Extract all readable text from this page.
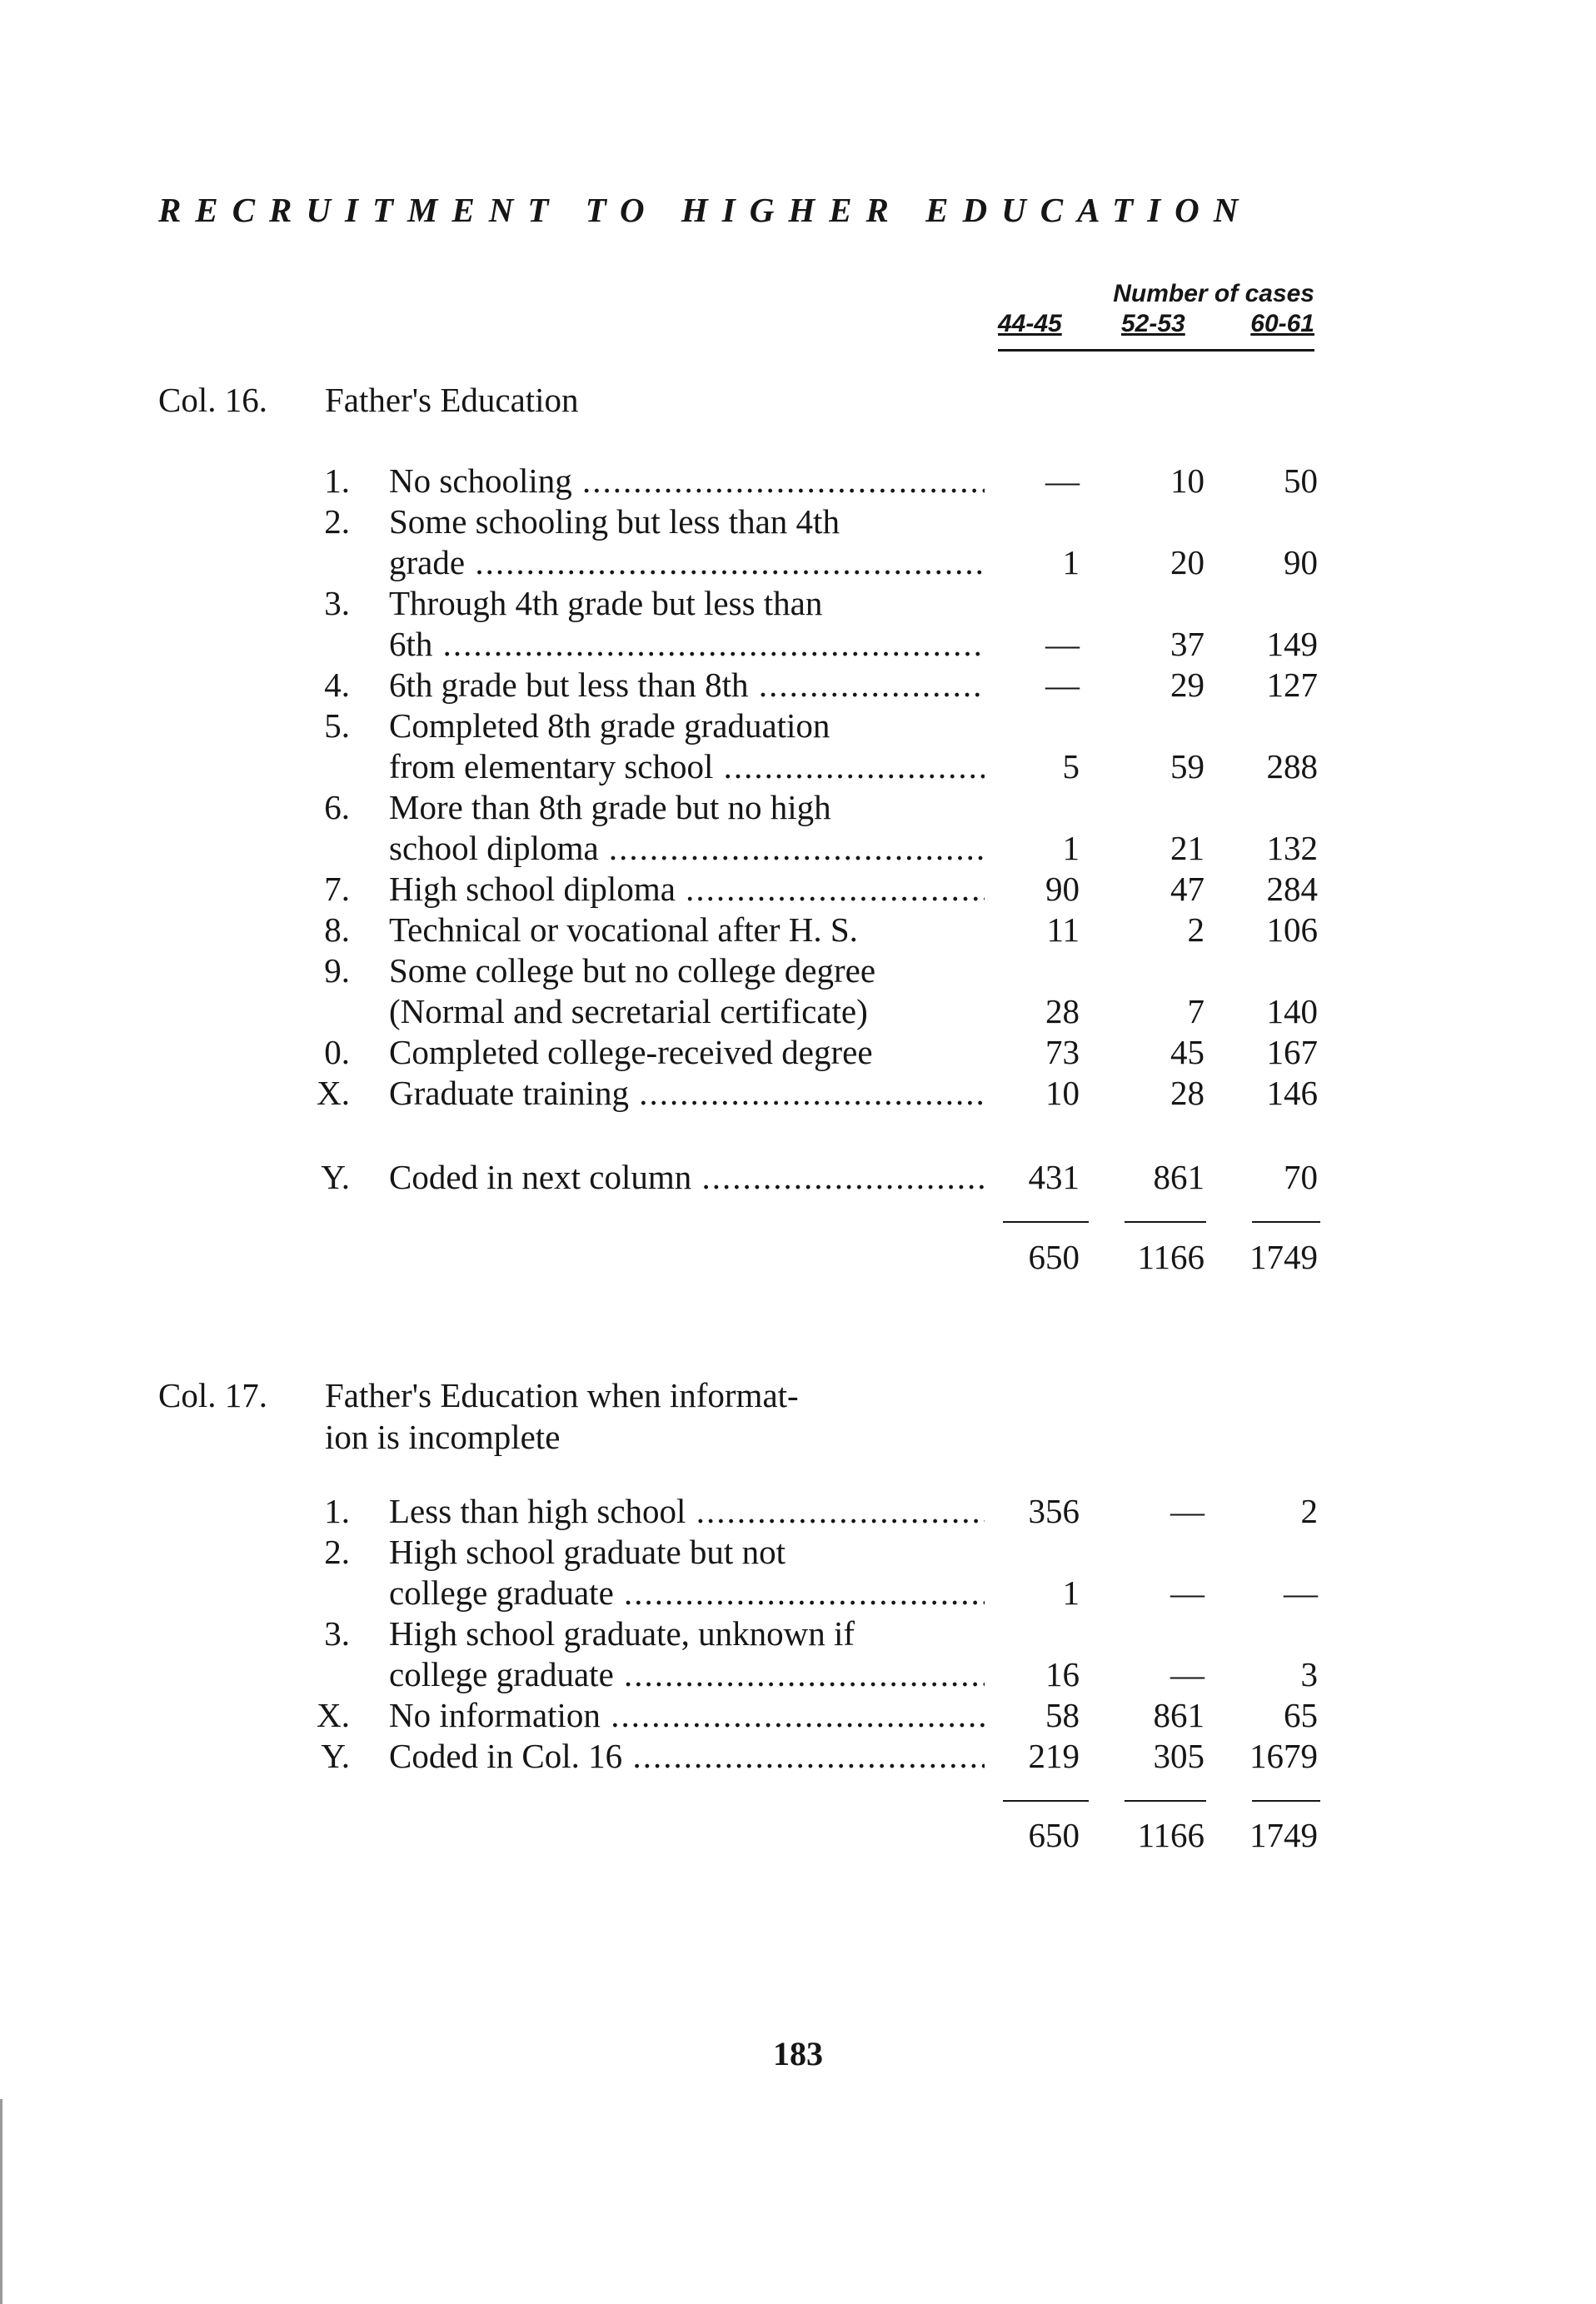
RECRUITMENT TO HIGHER EDUCATION
Number of cases
44-45 52-53	60-61
Col. 16. Father's Education
1. No schooling .....	—	10	50
2. Some schooling but less than 4th
grade .....	1	20	90
3. Through 4th grade but less than
6th .....	—	37	149
4. 6th grade but less than 8th .....	—	29	127
5. Completed 8th grade graduation
from elementary school .....	5	59	288
6. More than 8th grade but no high
school diploma .....	1	21	132
7. High school diploma .....	90	47	284
8. Technical or vocational after H. S.	11	2	106
9. Some college but no college degree
(Normal and secretarial certificate)	28	7	140
0. Completed college-received degree	73	45	167
X. Graduate training .....	10	28	146
Y. Coded in next column .....	431	861	70
650	1166	1749
Col. 17. Father's Education when informat-
ion is incomplete
1. Less than high school .....	356	—	2
2. High school graduate but not
college graduate .....	1	—	—
3. High school graduate, unknown if
college graduate .....	16	—	3
X. No information .....	58	861	65
Y. Coded in Col. 16 .....	219	305	1679
650	1166	1749
183
